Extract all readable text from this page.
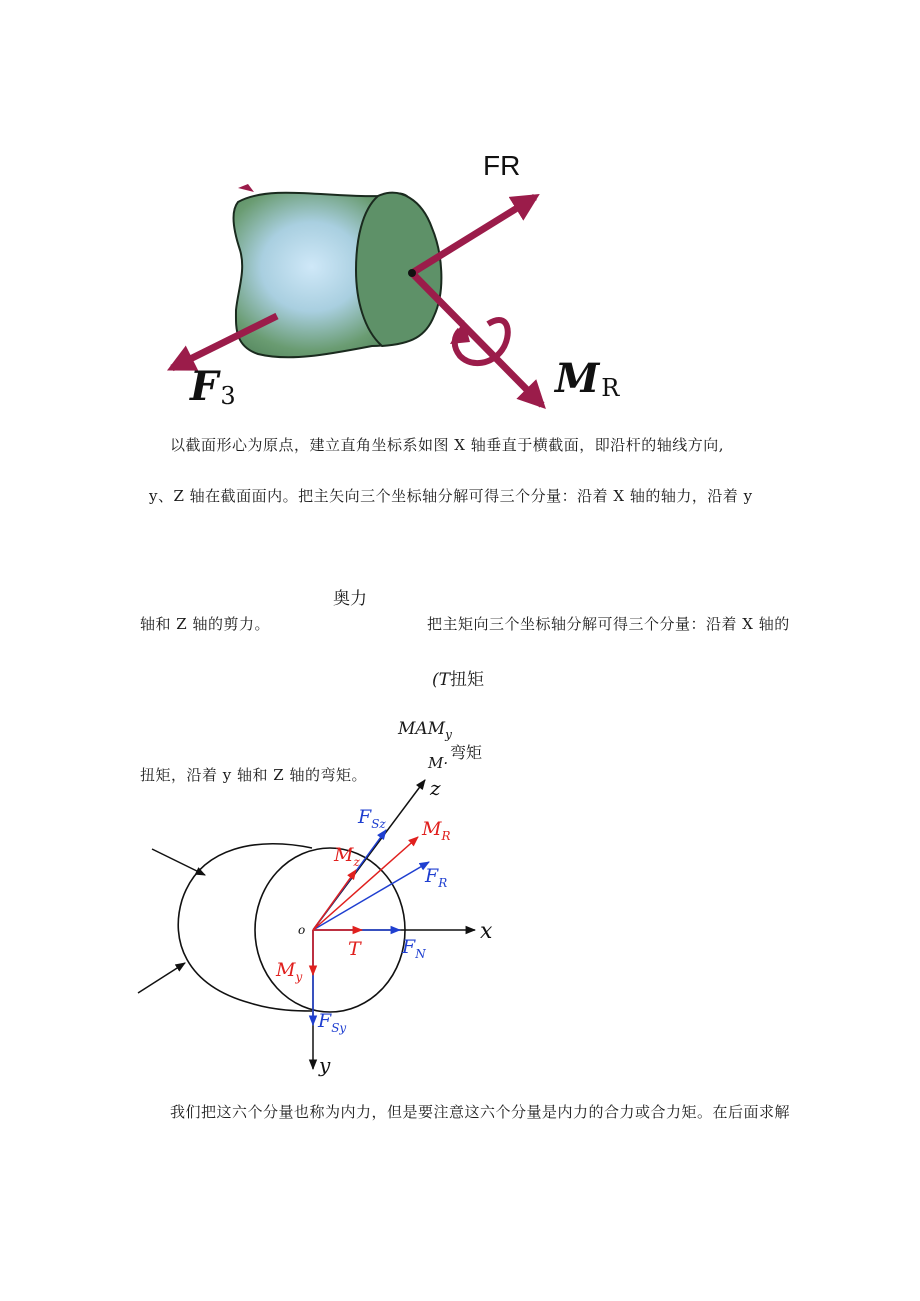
FR
F3	MR
以截面形心为原点，建立直角坐标系如图 X 轴垂直于横截面，即沿杆的轴线方向,
y、Z 轴在截面面内。把主矢向三个坐标轴分解可得三个分量：沿着 X 轴的轴力，沿着 y
奥力
轴和 Z 轴的剪力。	把主矩向三个坐标轴分解可得三个分量：沿着 X 轴的
(T扭矩
$MAM_y$
弯矩
M·
扭矩，沿着 y 轴和 Z 轴的弯矩。
z
x
y
o
$F_{Sz}$ $M_R$
$M_z$
$F_R$
T $F_N$
$M_y$
$F_{Sy}$
我们把这六个分量也称为内力，但是要注意这六个分量是内力的合力或合力矩。在后面求解
